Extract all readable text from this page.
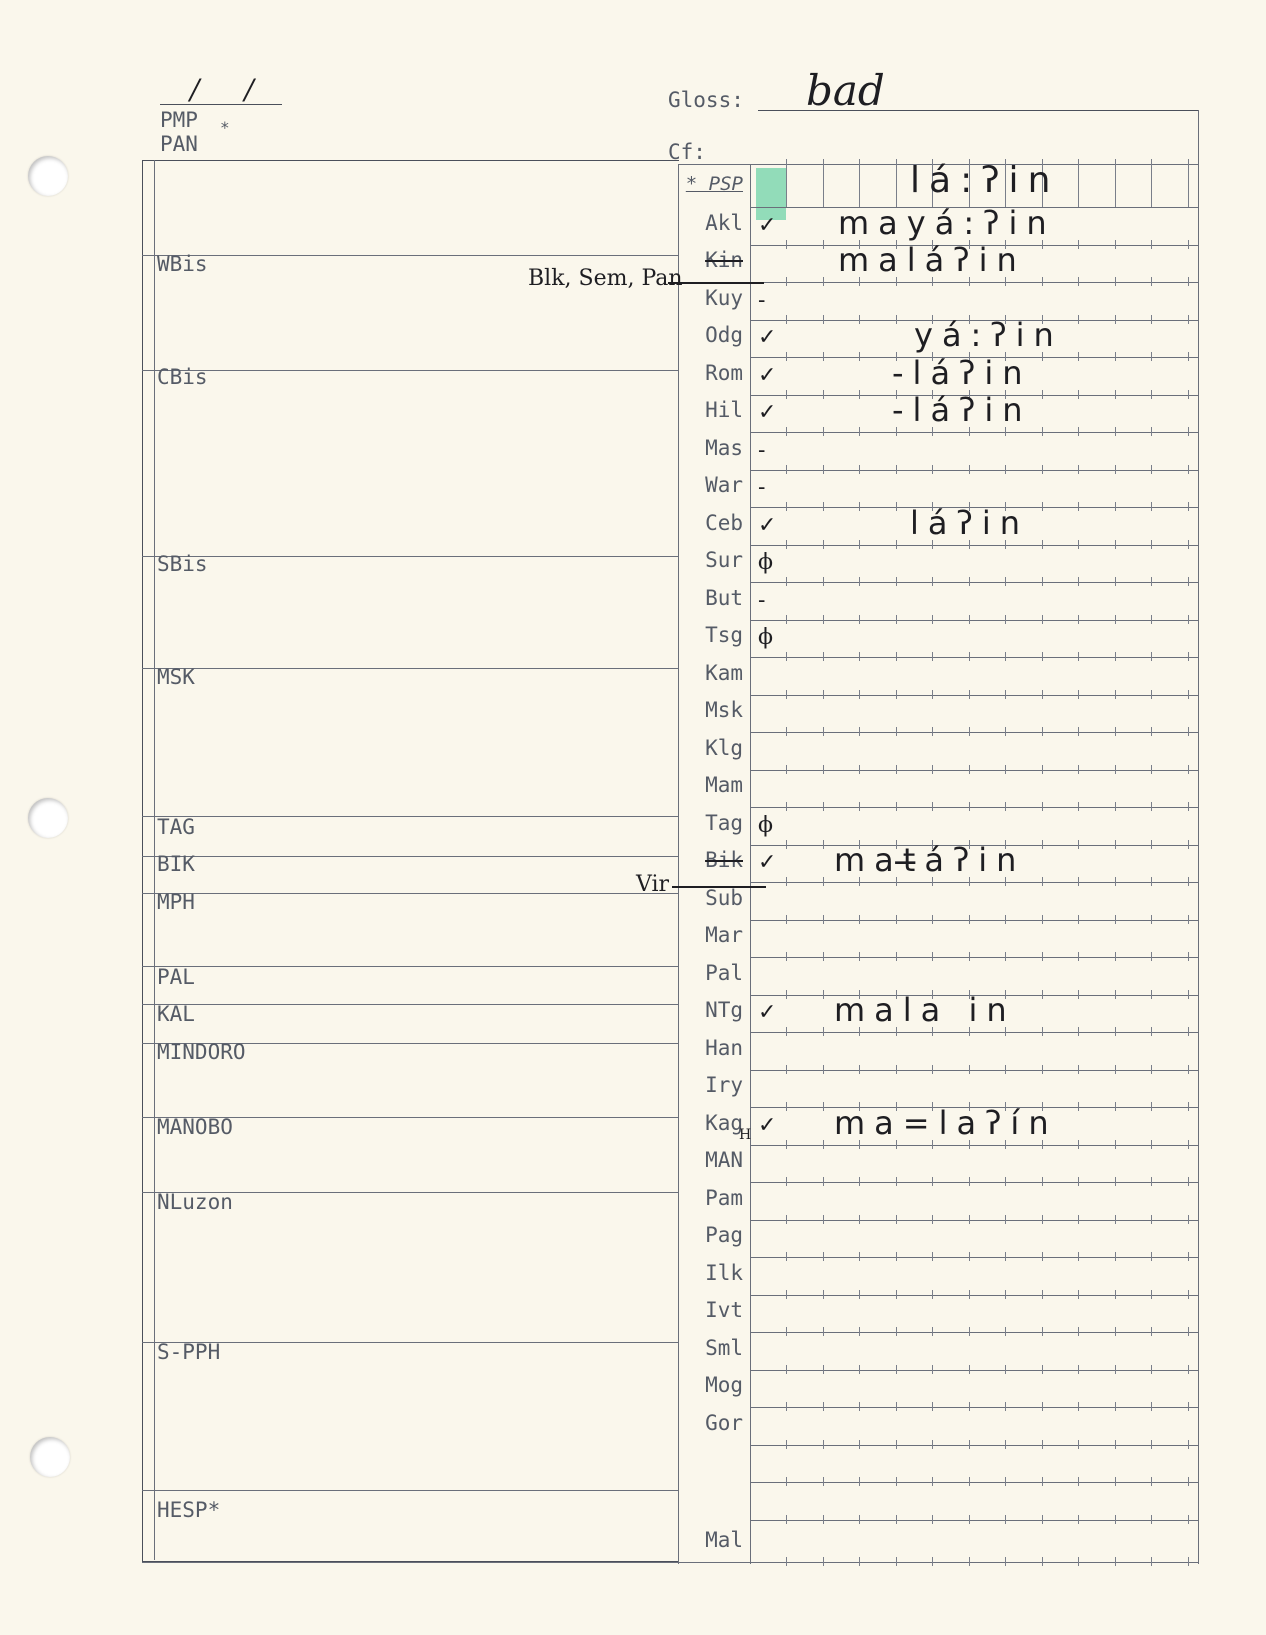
/ /
PMP
PAN
*
Gloss: bad
Cf:
WBis
CBis
SBis
MSK
TAG
BIK
MPH
PAL
KAL
MINDORO
MANOBO
NLuzon
S-PPH
HESP*
* PSP	lá:ʔin
Akl ✓ mayá:ʔin
Kin	maláʔin
Kuy -
Odg ✓	yá:ʔin
Rom ✓	-láʔin
Hil ✓	-láʔin
Mas -
War -
Ceb ✓	láʔin
Sur ϕ
But -
Tsg ϕ
Kam
Msk
Klg
Mam
Tag ϕ
Bik ✓ mat̶áʔin
Sub
Mar
Pal
NTg ✓ mala in
Han
Iry
Kag ✓ ma=laʔín
MAN
Pam
Pag
Ilk
Ivt
Sml
Mog
Gor
Mal
Blk, Sem, Pan
Vir
H
